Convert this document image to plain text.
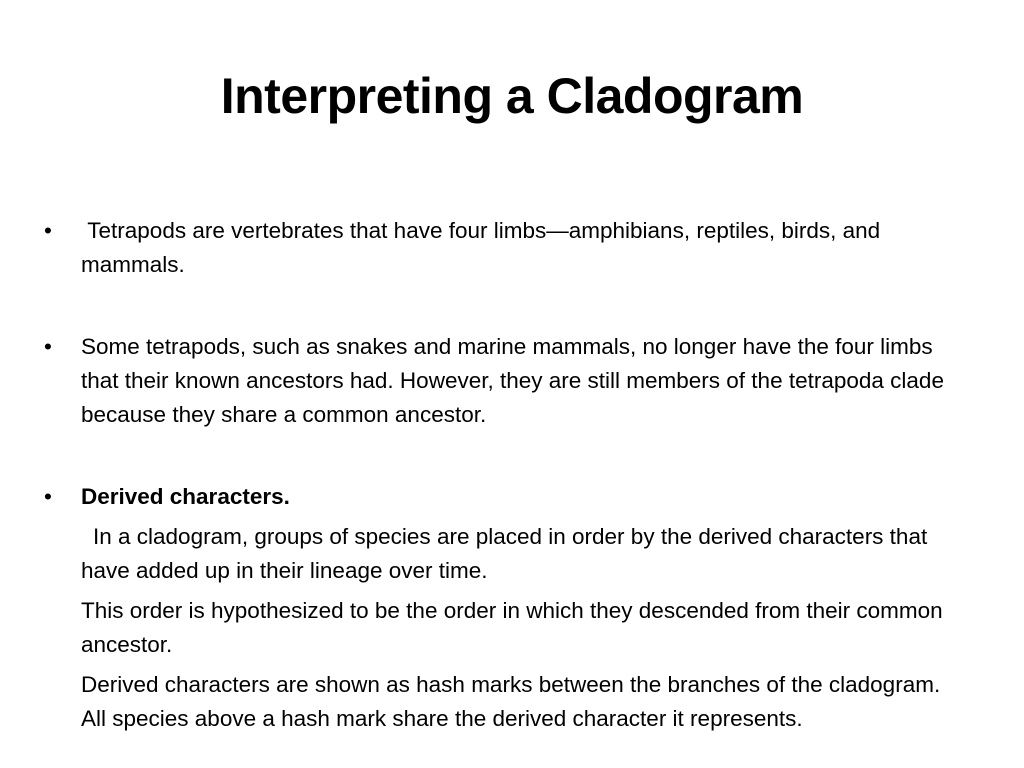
Interpreting a Cladogram
• Tetrapods are vertebrates that have four limbs—amphibians, reptiles, birds, and mammals.
• Some tetrapods, such as snakes and marine mammals, no longer have the four limbs that their known ancestors had. However, they are still members of the tetrapoda clade because they share a common ancestor.
• Derived characters.
In a cladogram, groups of species are placed in order by the derived characters that have added up in their lineage over time.
This order is hypothesized to be the order in which they descended from their common ancestor.
Derived characters are shown as hash marks between the branches of the cladogram. All species above a hash mark share the derived character it represents.
